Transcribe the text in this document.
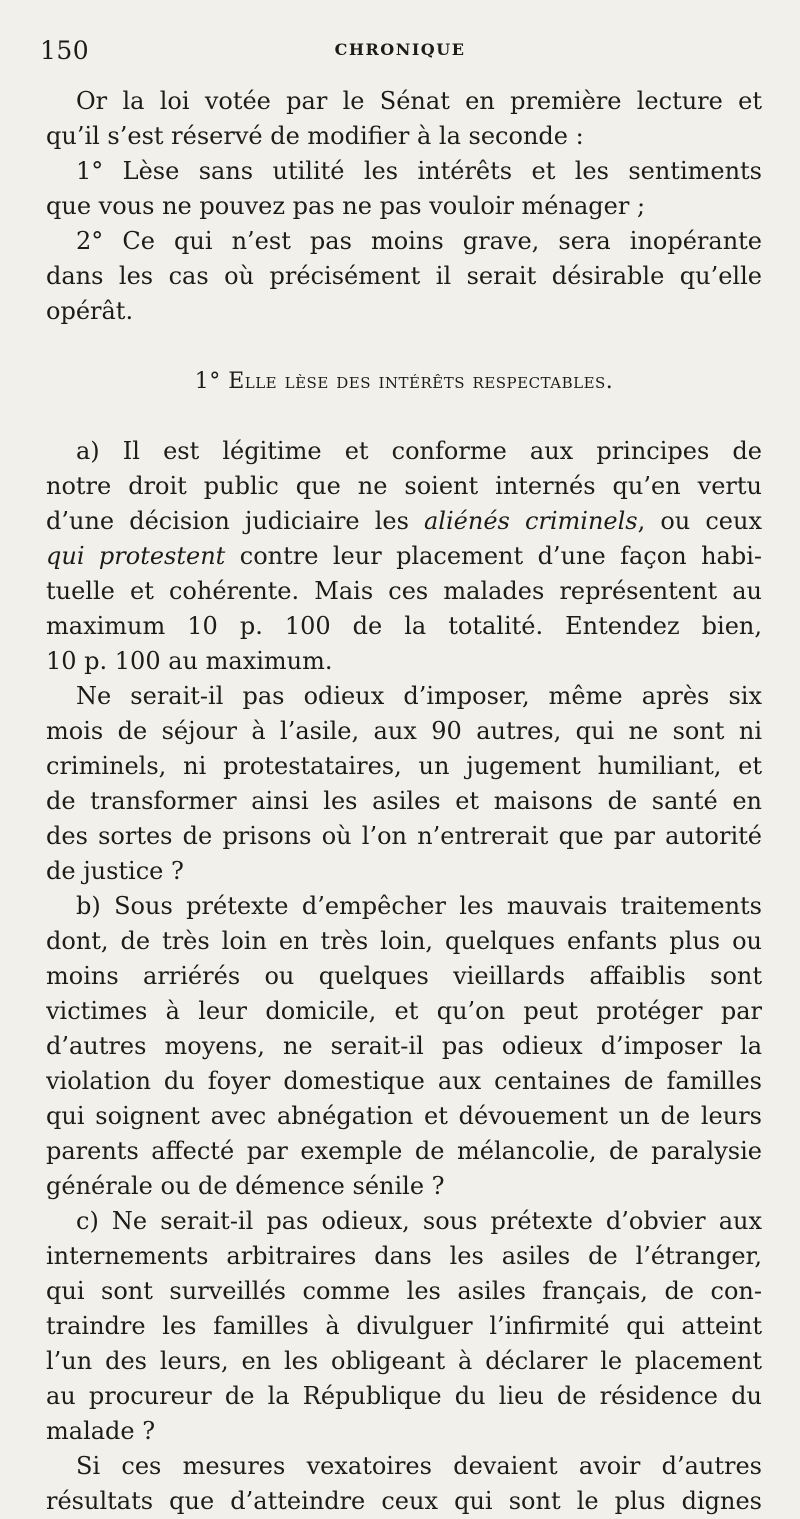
150	CHRONIQUE
Or la loi votée par le Sénat en première lecture et
qu’il s’est réservé de modifier à la seconde :
1° Lèse sans utilité les intérêts et les sentiments
que vous ne pouvez pas ne pas vouloir ménager ;
2° Ce qui n’est pas moins grave, sera inopérante
dans les cas où précisément il serait désirable qu’elle
opérât.
1° Elle lèse des intérêts respectables.
a) Il est légitime et conforme aux principes de
notre droit public que ne soient internés qu’en vertu
d’une décision judiciaire les aliénés criminels, ou ceux
qui protestent contre leur placement d’une façon habi-
tuelle et cohérente. Mais ces malades représentent au
maximum 10 p. 100 de la totalité. Entendez bien,
10 p. 100 au maximum.
Ne serait-il pas odieux d’imposer, même après six
mois de séjour à l’asile, aux 90 autres, qui ne sont ni
criminels, ni protestataires, un jugement humiliant, et
de transformer ainsi les asiles et maisons de santé en
des sortes de prisons où l’on n’entrerait que par autorité
de justice ?
b) Sous prétexte d’empêcher les mauvais traitements
dont, de très loin en très loin, quelques enfants plus ou
moins arriérés ou quelques vieillards affaiblis sont
victimes à leur domicile, et qu’on peut protéger par
d’autres moyens, ne serait-il pas odieux d’imposer la
violation du foyer domestique aux centaines de familles
qui soignent avec abnégation et dévouement un de leurs
parents affecté par exemple de mélancolie, de paralysie
générale ou de démence sénile ?
c) Ne serait-il pas odieux, sous prétexte d’obvier aux
internements arbitraires dans les asiles de l’étranger,
qui sont surveillés comme les asiles français, de con-
traindre les familles à divulguer l’infirmité qui atteint
l’un des leurs, en les obligeant à déclarer le placement
au procureur de la République du lieu de résidence du
malade ?
Si ces mesures vexatoires devaient avoir d’autres
résultats que d’atteindre ceux qui sont le plus dignes
